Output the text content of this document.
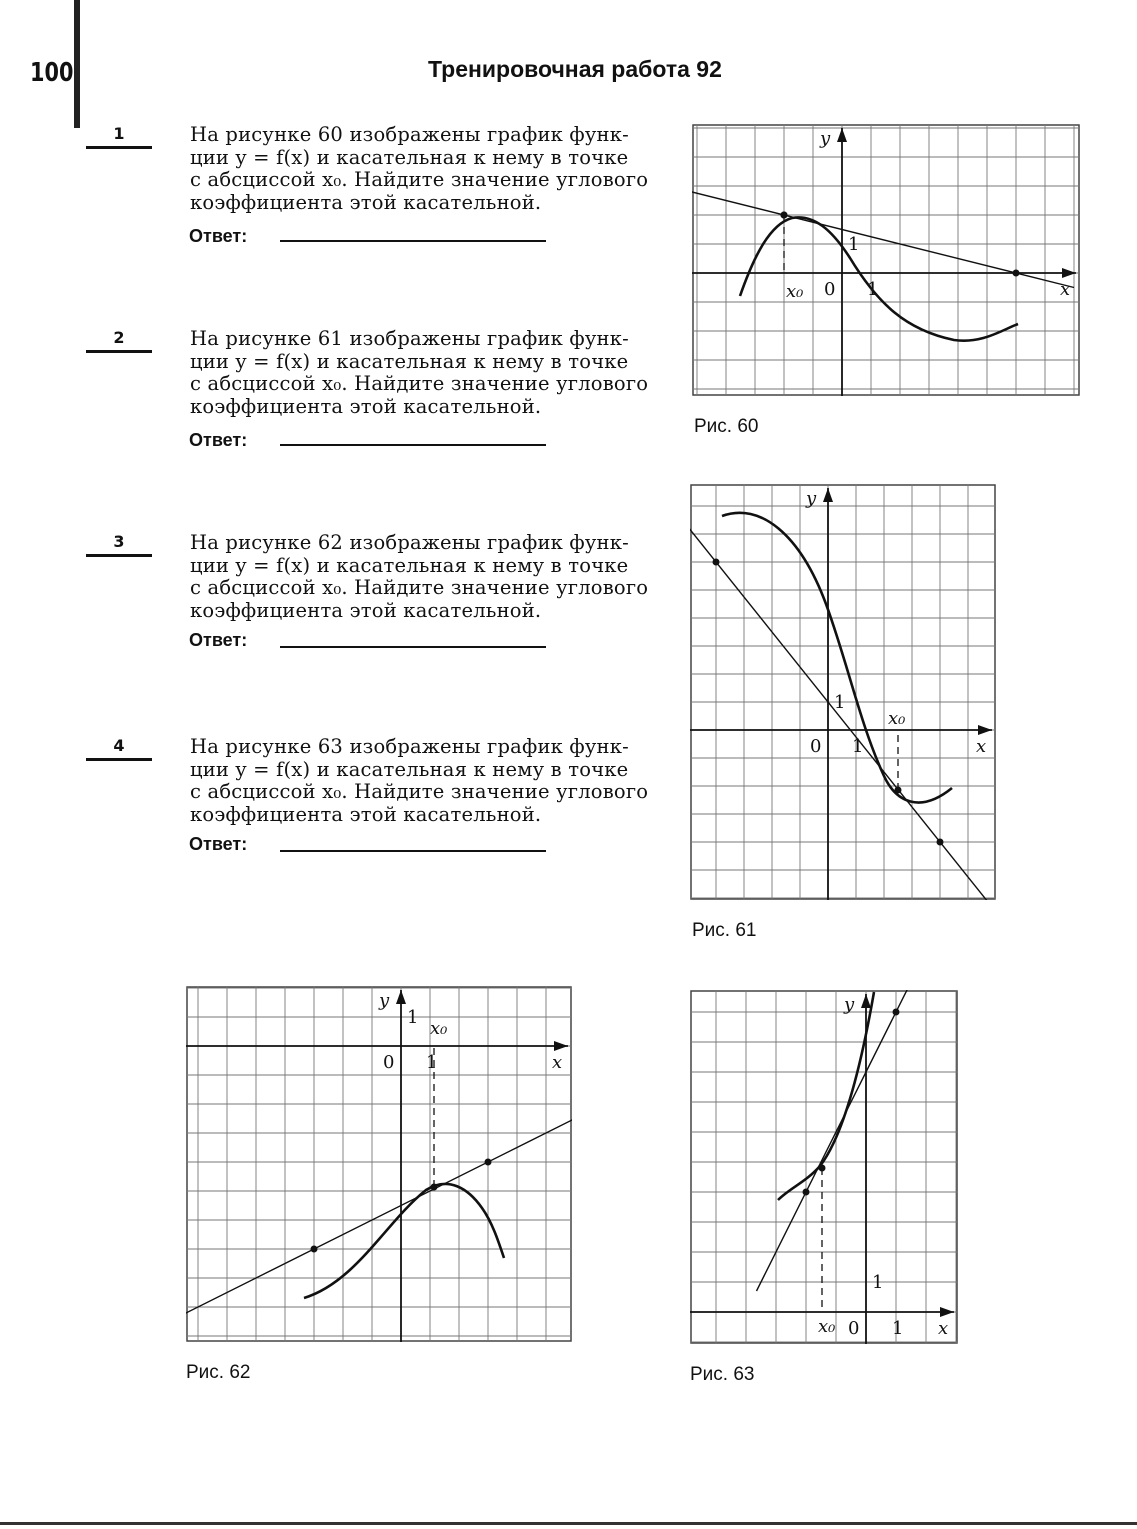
100	Тренировочная работа 92
1	На рисунке 60 изображены график функ-
ции y = f(x) и касательная к нему в точке
с абсциссой x₀. Найдите значение углового
коэффициента этой касательной.
Ответ:
2	На рисунке 61 изображены график функ-
ции y = f(x) и касательная к нему в точке
с абсциссой x₀. Найдите значение углового
коэффициента этой касательной.
Ответ:
3	На рисунке 62 изображены график функ-
ции y = f(x) и касательная к нему в точке
с абсциссой x₀. Найдите значение углового
коэффициента этой касательной.
Ответ:
4	На рисунке 63 изображены график функ-
ции y = f(x) и касательная к нему в точке
с абсциссой x₀. Найдите значение углового
коэффициента этой касательной.
Ответ:
x
y
0 1
1
x₀
Рис. 60
x
y
0 1
1
x₀
Рис. 61
x
y
0 1
1
x₀
Рис. 62
x
y
0 1
1
x₀
Рис. 63
